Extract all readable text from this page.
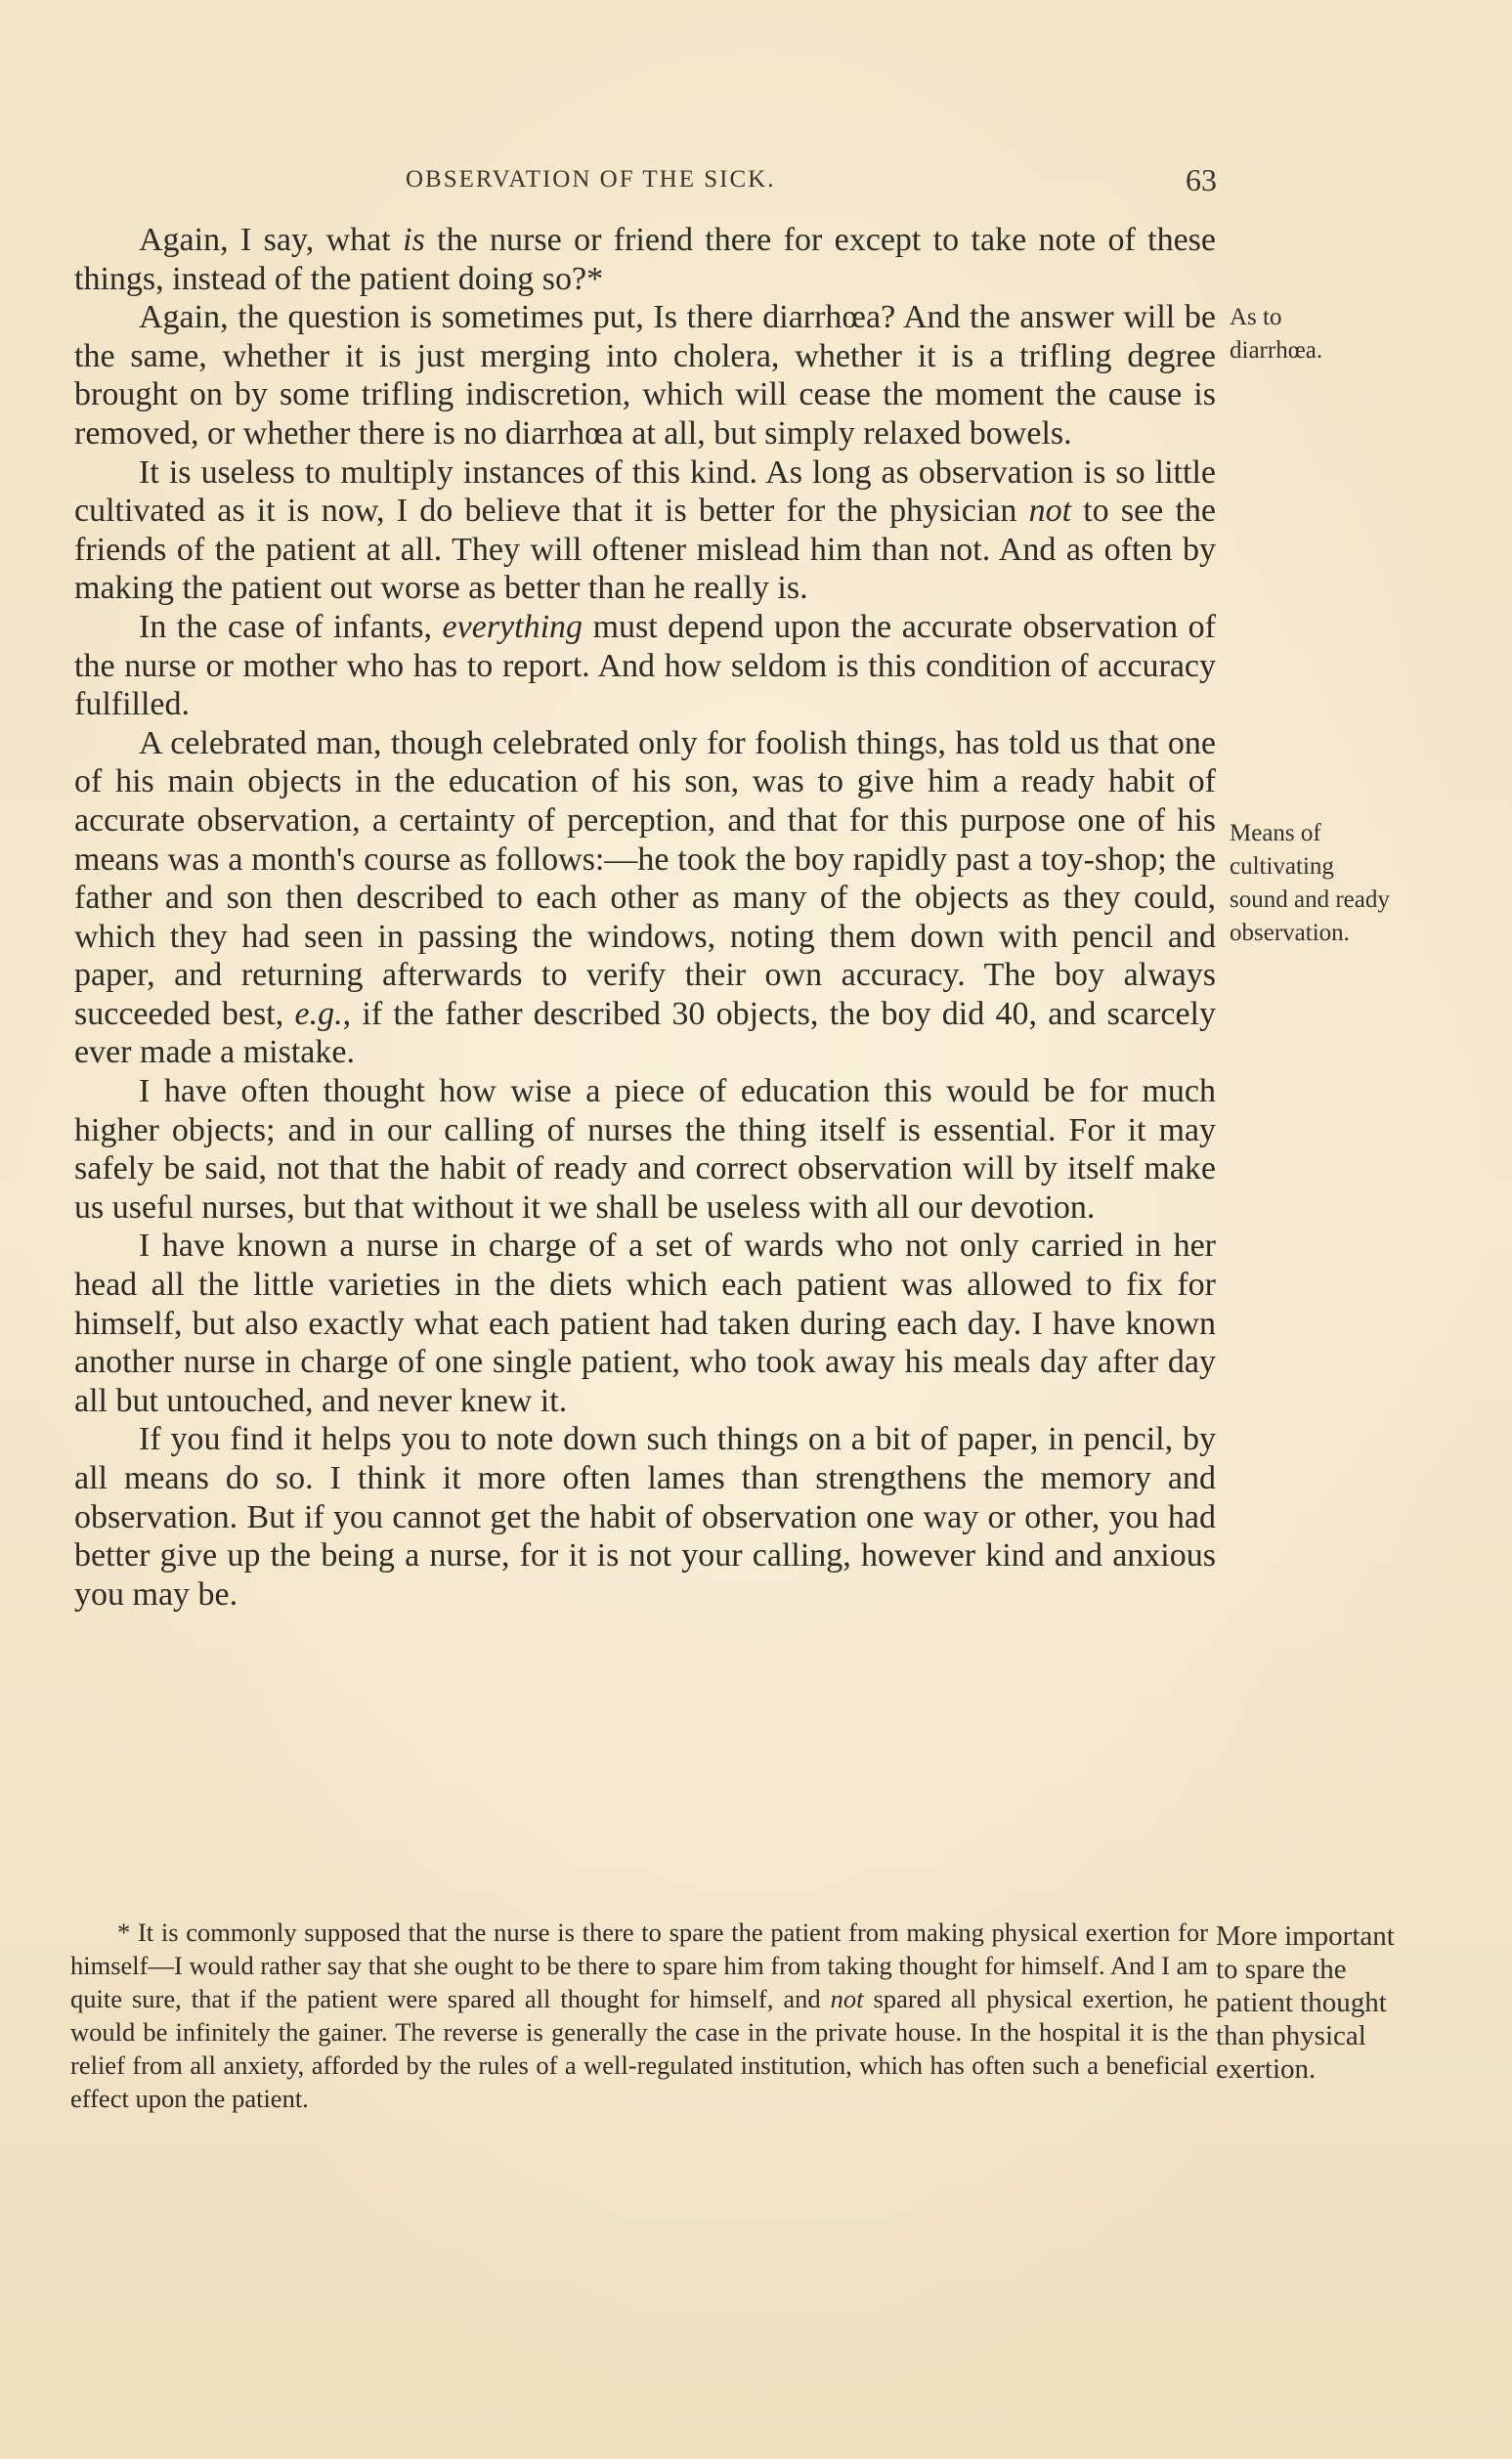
OBSERVATION OF THE SICK.	63

Again, I say, what is the nurse or friend there for except to take note of these things, instead of the patient doing so?*

Again, the question is sometimes put, Is there diarrhœa? And the answer will be the same, whether it is just merging into cholera, whether it is a trifling degree brought on by some trifling indiscretion, which will cease the moment the cause is removed, or whether there is no diarrhœa at all, but simply relaxed bowels.

It is useless to multiply instances of this kind. As long as observation is so little cultivated as it is now, I do believe that it is better for the physician not to see the friends of the patient at all. They will oftener mislead him than not. And as often by making the patient out worse as better than he really is.

In the case of infants, everything must depend upon the accurate observation of the nurse or mother who has to report. And how seldom is this condition of accuracy fulfilled.

A celebrated man, though celebrated only for foolish things, has told us that one of his main objects in the education of his son, was to give him a ready habit of accurate observation, a certainty of perception, and that for this purpose one of his means was a month's course as follows:—he took the boy rapidly past a toy-shop; the father and son then described to each other as many of the objects as they could, which they had seen in passing the windows, noting them down with pencil and paper, and returning afterwards to verify their own accuracy. The boy always succeeded best, e.g., if the father described 30 objects, the boy did 40, and scarcely ever made a mistake.

I have often thought how wise a piece of education this would be for much higher objects; and in our calling of nurses the thing itself is essential. For it may safely be said, not that the habit of ready and correct observation will by itself make us useful nurses, but that without it we shall be useless with all our devotion.

I have known a nurse in charge of a set of wards who not only carried in her head all the little varieties in the diets which each patient was allowed to fix for himself, but also exactly what each patient had taken during each day. I have known another nurse in charge of one single patient, who took away his meals day after day all but untouched, and never knew it.

If you find it helps you to note down such things on a bit of paper, in pencil, by all means do so. I think it more often lames than strengthens the memory and observation. But if you cannot get the habit of observation one way or other, you had better give up the being a nurse, for it is not your calling, however kind and anxious you may be.

As to diarrhœa.
Means of cultivating sound and ready observation.

* It is commonly supposed that the nurse is there to spare the patient from making physical exertion for himself—I would rather say that she ought to be there to spare him from taking thought for himself. And I am quite sure, that if the patient were spared all thought for himself, and not spared all physical exertion, he would be infinitely the gainer. The reverse is generally the case in the private house. In the hospital it is the relief from all anxiety, afforded by the rules of a well-regulated institution, which has often such a beneficial effect upon the patient.

More important to spare the patient thought than physical exertion.
